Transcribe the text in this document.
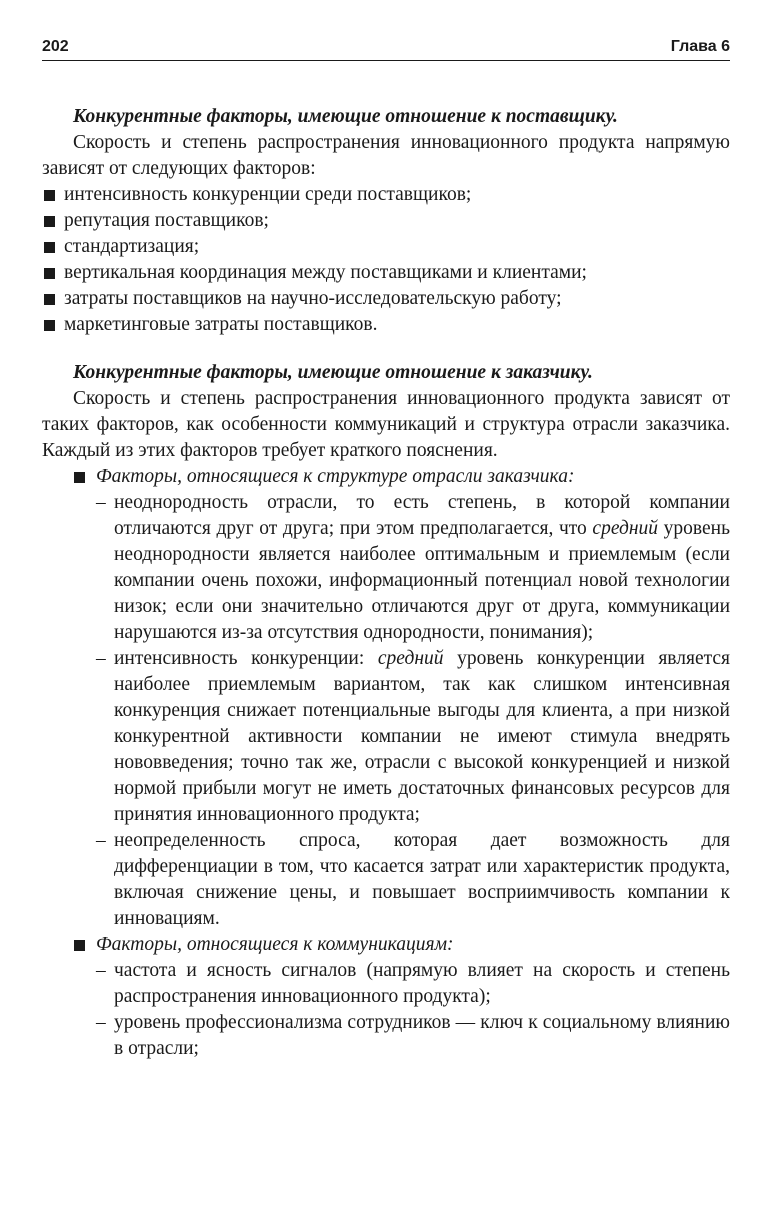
202	Глава 6

Конкурентные факторы, имеющие отношение к поставщику.

Скорость и степень распространения инновационного продукта напрямую зависят от следующих факторов:

интенсивность конкуренции среди поставщиков;
репутация поставщиков;
стандартизация;
вертикальная координация между поставщиками и клиентами;
затраты поставщиков на научно-исследовательскую работу;
маркетинговые затраты поставщиков.

Конкурентные факторы, имеющие отношение к заказчику.

Скорость и степень распространения инновационного продукта зависят от таких факторов, как особенности коммуникаций и структура отрасли заказчика. Каждый из этих факторов требует краткого пояснения.

Факторы, относящиеся к структуре отрасли заказчика:
– неоднородность отрасли, то есть степень, в которой компании отличаются друг от друга; при этом предполагается, что средний уровень неоднородности является наиболее оптимальным и приемлемым (если компании очень похожи, информационный потенциал новой технологии низок; если они значительно отличаются друг от друга, коммуникации нарушаются из-за отсутствия однородности, понимания);
– интенсивность конкуренции: средний уровень конкуренции является наиболее приемлемым вариантом, так как слишком интенсивная конкуренция снижает потенциальные выгоды для клиента, а при низкой конкурентной активности компании не имеют стимула внедрять нововведения; точно так же, отрасли с высокой конкуренцией и низкой нормой прибыли могут не иметь достаточных финансовых ресурсов для принятия инновационного продукта;
– неопределенность спроса, которая дает возможность для дифференциации в том, что касается затрат или характеристик продукта, включая снижение цены, и повышает восприимчивость компании к инновациям.
Факторы, относящиеся к коммуникациям:
– частота и ясность сигналов (напрямую влияет на скорость и степень распространения инновационного продукта);
– уровень профессионализма сотрудников — ключ к социальному влиянию в отрасли;
